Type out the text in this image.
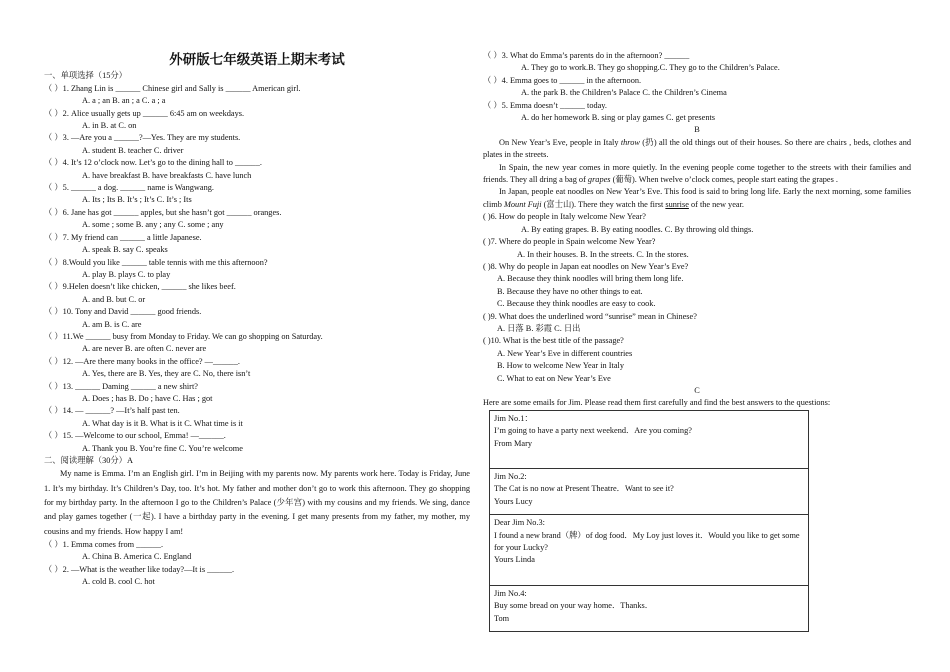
外研版七年级英语上期末考试

一、单项选择（15分）

（ ）1. Zhang Lin is ______ Chinese girl and Sally is ______ American girl.

A. a ; an B. an ; a C. a ; a

（ ）2. Alice usually gets up ______ 6:45 am on weekdays.

A. in B. at C. on

（ ）3. —Are you a ______?—Yes. They are my students.

A. student B. teacher C. driver

（ ）4. It’s 12 o’clock now. Let’s go to the dining hall to ______.

A. have breakfast B. have breakfasts C. have lunch

（ ）5. ______ a dog. ______ name is Wangwang.

A. Its ; Its B. It’s ; It’s C. It’s ; Its

（ ）6. Jane has got ______ apples, but she hasn’t got ______ oranges.

A. some ; some B. any ; any C. some ; any

（ ）7. My friend can ______ a little Japanese.

A. speak B. say C. speaks

（ ）8.Would you like ______ table tennis with me this afternoon?

A. play B. plays C. to play

（ ）9.Helen doesn’t like chicken, ______ she likes beef.

A. and B. but C. or

（ ）10. Tony and David ______ good friends.

A. am B. is C. are

（ ）11.We ______ busy from Monday to Friday. We can go shopping on Saturday.

A. are never B. are often C. never are

（ ）12. —Are there many books in the office? —______.

A. Yes, there are B. Yes, they are C. No, there isn’t

（ ）13. ______ Daming ______ a new shirt?

A. Does ; has B. Do ; have C. Has ; got

（ ）14. — ______? —It’s half past ten.

A. What day is it B. What is it C. What time is it

（ ）15. —Welcome to our school, Emma! —______.

A. Thank you B. You’re fine C. You’re welcome

二、阅读理解（30分）A

My name is Emma. I’m an English girl. I’m in Beijing with my parents now. My parents work here. Today is Friday, June 1. It’s my birthday. It’s Children’s Day, too. It’s hot. My father and mother don’t go to work this afternoon. They go shopping for my birthday party. In the afternoon I go to the Children’s Palace (少年宫) with my cousins and my friends. We sing, dance and play games together (一起). I have a birthday party in the evening. I get many presents from my father, my mother, my cousins and my friends. How happy I am!

（ ）1. Emma comes from ______.

A. China B. America C. England

（ ）2. —What is the weather like today?—It is ______.

A. cold B. cool C. hot

（ ）3. What do Emma’s parents do in the afternoon? ______

A. They go to work.B. They go shopping.C. They go to the Children’s Palace.

（ ）4. Emma goes to ______ in the afternoon.

A. the park B. the Children’s Palace C. the Children’s Cinema

（ ）5. Emma doesn’t ______ today.

A. do her homework B. sing or play games C. get presents

B

On New Year’s Eve, people in Italy throw (扔) all the old things out of their houses. So there are chairs , beds, clothes and plates in the streets.

In Spain, the new year comes in more quietly. In the evening people come together to the streets with their families and friends. They all dring a bag of grapes (葡萄). When twelve o’clock comes, people start eating the grapes .

In Japan, people eat noodles on New Year’s Eve. This food is said to bring long life. Early the next morning, some families climb Mount Fuji (富士山). There they watch the first sunrise of the new year.

( )6. How do people in Italy welcome New Year?

A. By eating grapes. B. By eating noodles. C. By throwing old things.

( )7. Where do people in Spain welcome New Year?

A. In their houses. B. In the streets. C. In the stores.

( )8. Why do people in Japan eat noodles on New Year’s Eve?

A. Because they think noodles will bring them long life.

B. Because they have no other things to eat.

C. Because they think noodles are easy to cook.

( )9. What does the underlined word “sunrise” mean in Chinese?

A. 日落 B. 彩霞 C. 日出

( )10. What is the best title of the passage?

A. New Year’s Eve in different countries

B. How to welcome New Year in Italy

C. What to eat on New Year’s Eve

C

Here are some emails for Jim. Please read them first carefully and find the best answers to the questions:

Jim No.1：

I’m going to have a party next weekend．Are you coming?

From Mary

Jim No.2:

The Cat is no now at Present Theatre．Want to see it?

Yours Lucy

Dear Jim No.3:

I found a new brand（牌）of dog food．My Loy just loves it．Would you like to get some for your Lucky?

Yours Linda

Jim No.4:

Buy some bread on your way home．Thanks．

Tom
